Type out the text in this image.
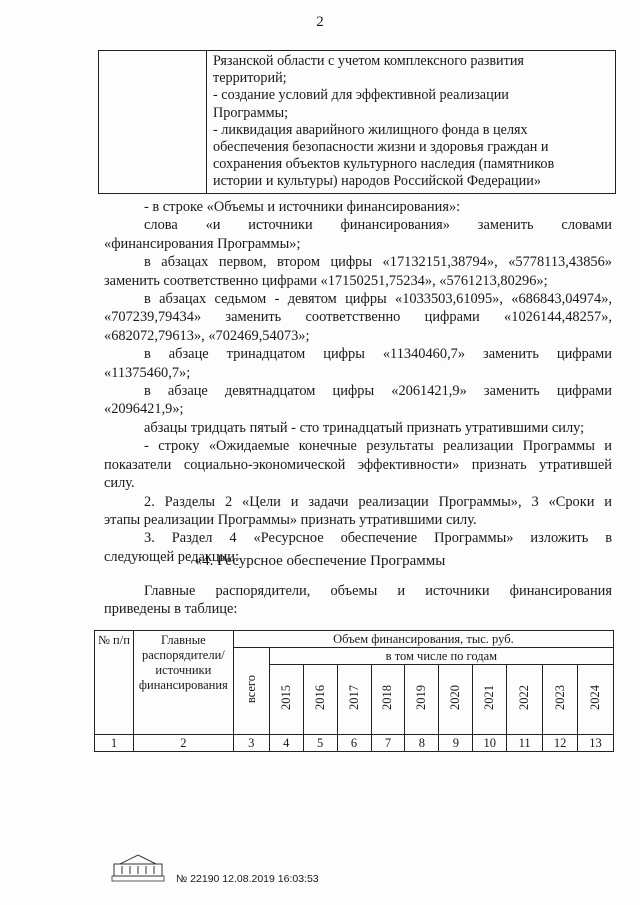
2

Рязанской области с учетом комплексного развития
территорий;
- создание условий для эффективной реализации
Программы;
- ликвидация аварийного жилищного фонда в целях
обеспечения безопасности жизни и здоровья граждан и
сохранения объектов культурного наследия (памятников
истории и культуры) народов Российской Федерации»
- в строке «Объемы и источники финансирования»:
слова «и источники финансирования» заменить словами
«финансирования Программы»;
в абзацах первом, втором цифры «17132151,38794», «5778113,43856»
заменить соответственно цифрами «17150251,75234», «5761213,80296»;
в абзацах седьмом - девятом цифры «1033503,61095», «686843,04974»,
«707239,79434» заменить соответственно цифрами «1026144,48257»,
«682072,79613», «702469,54073»;
в абзаце тринадцатом цифры «11340460,7» заменить цифрами
«11375460,7»;
в абзаце девятнадцатом цифры «2061421,9» заменить цифрами
«2096421,9»;
абзацы тридцать пятый - сто тринадцатый признать утратившими силу;
- строку «Ожидаемые конечные результаты реализации Программы и
показатели социально-экономической эффективности» признать утратившей
силу.
2. Разделы 2 «Цели и задачи реализации Программы», 3 «Сроки и
этапы реализации Программы» признать утратившими силу.
3. Раздел 4 «Ресурсное обеспечение Программы» изложить в
следующей редакции:
«4. Ресурсное обеспечение Программы
Главные распорядители, объемы и источники финансирования
приведены в таблице:
№ п/п	Главные распорядители/ источники финансирования	Объем финансирования, тыс. руб.										
		всего	в том числе по годам									
			2015	2016	2017	2018	2019	2020	2021	2022	2023	2024
1	2	3	4	5	6	7	8	9	10	11	12	13
№ 22190 12.08.2019 16:03:53
